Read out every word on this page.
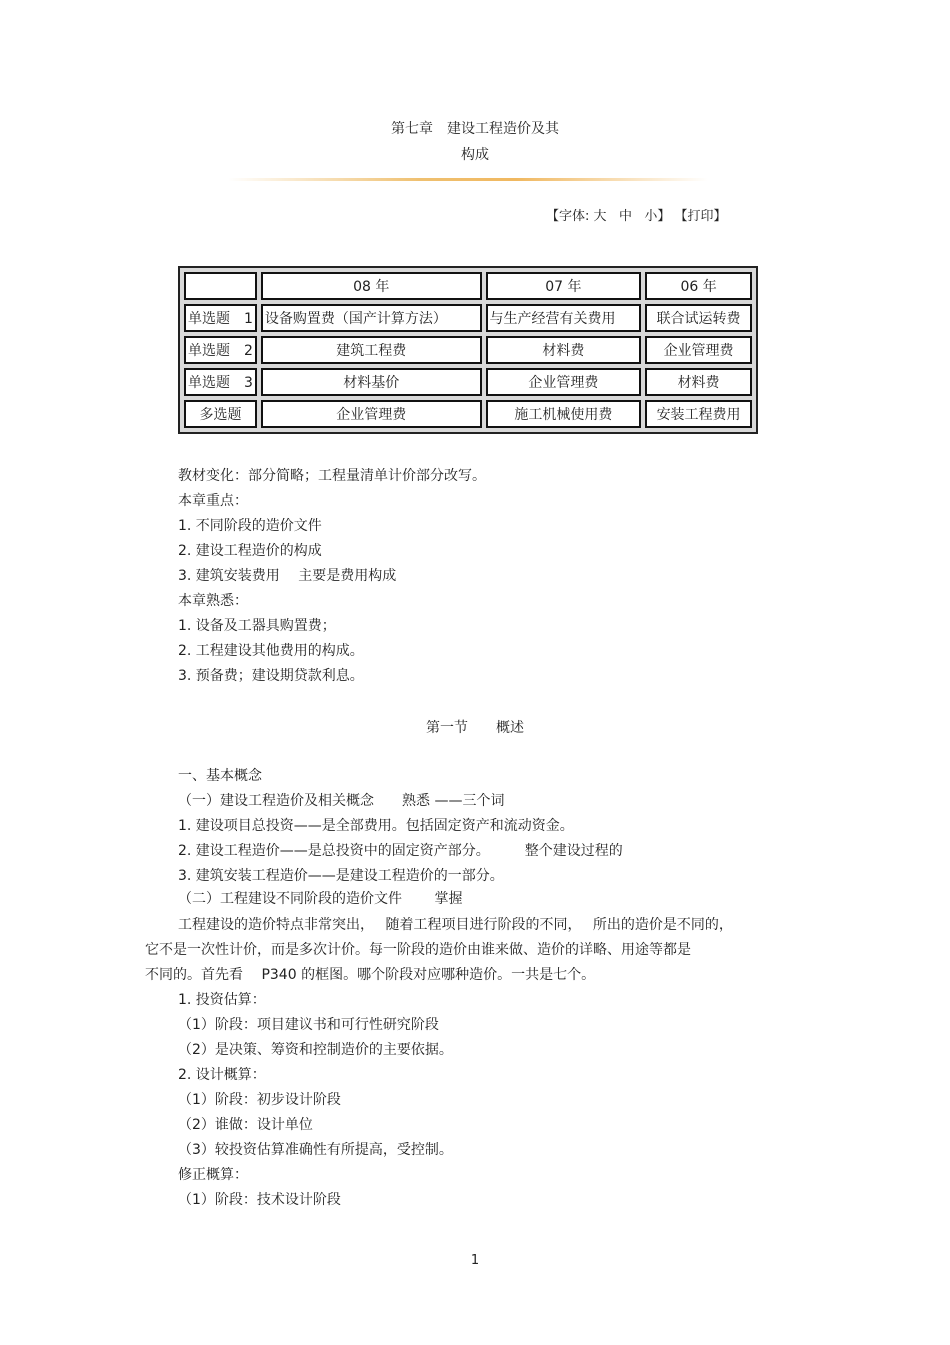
第七章　建设工程造价及其
构成
【字体: 大 中 小】 【打印】
	08 年	07 年	06 年
单选题　1	设备购置费（国产计算方法）	与生产经营有关费用	联合试运转费
单选题　2	建筑工程费	材料费	企业管理费
单选题　3	材料基价	企业管理费	材料费
多选题	企业管理费	施工机械使用费	安装工程费用
教材变化：部分简略；工程量清单计价部分改写。
本章重点：
1. 不同阶段的造价文件
2. 建设工程造价的构成
3. 建筑安装费用　 主要是费用构成
本章熟悉：
1. 设备及工器具购置费；
2. 工程建设其他费用的构成。
3. 预备费；建设期贷款利息。
第一节　　概述
一、基本概念
（一）建设工程造价及相关概念　　熟悉 ——三个词
1. 建设项目总投资——是全部费用。包括固定资产和流动资金。
2. 建设工程造价——是总投资中的固定资产部分。　　　整个建设过程的
3. 建筑安装工程造价——是建设工程造价的一部分。
（二）工程建设不同阶段的造价文件　　 掌握
工程建设的造价特点非常突出，　 随着工程项目进行阶段的不同，　 所出的造价是不同的，
它不是一次性计价，而是多次计价。每一阶段的造价由谁来做、造价的详略、用途等都是
不同的。首先看　 P340 的框图。哪个阶段对应哪种造价。一共是七个。
1. 投资估算：
（1）阶段：项目建议书和可行性研究阶段
（2）是决策、筹资和控制造价的主要依据。
2. 设计概算：
（1）阶段：初步设计阶段
（2）谁做：设计单位
（3）较投资估算准确性有所提高，受控制。
修正概算：
（1）阶段：技术设计阶段
1
